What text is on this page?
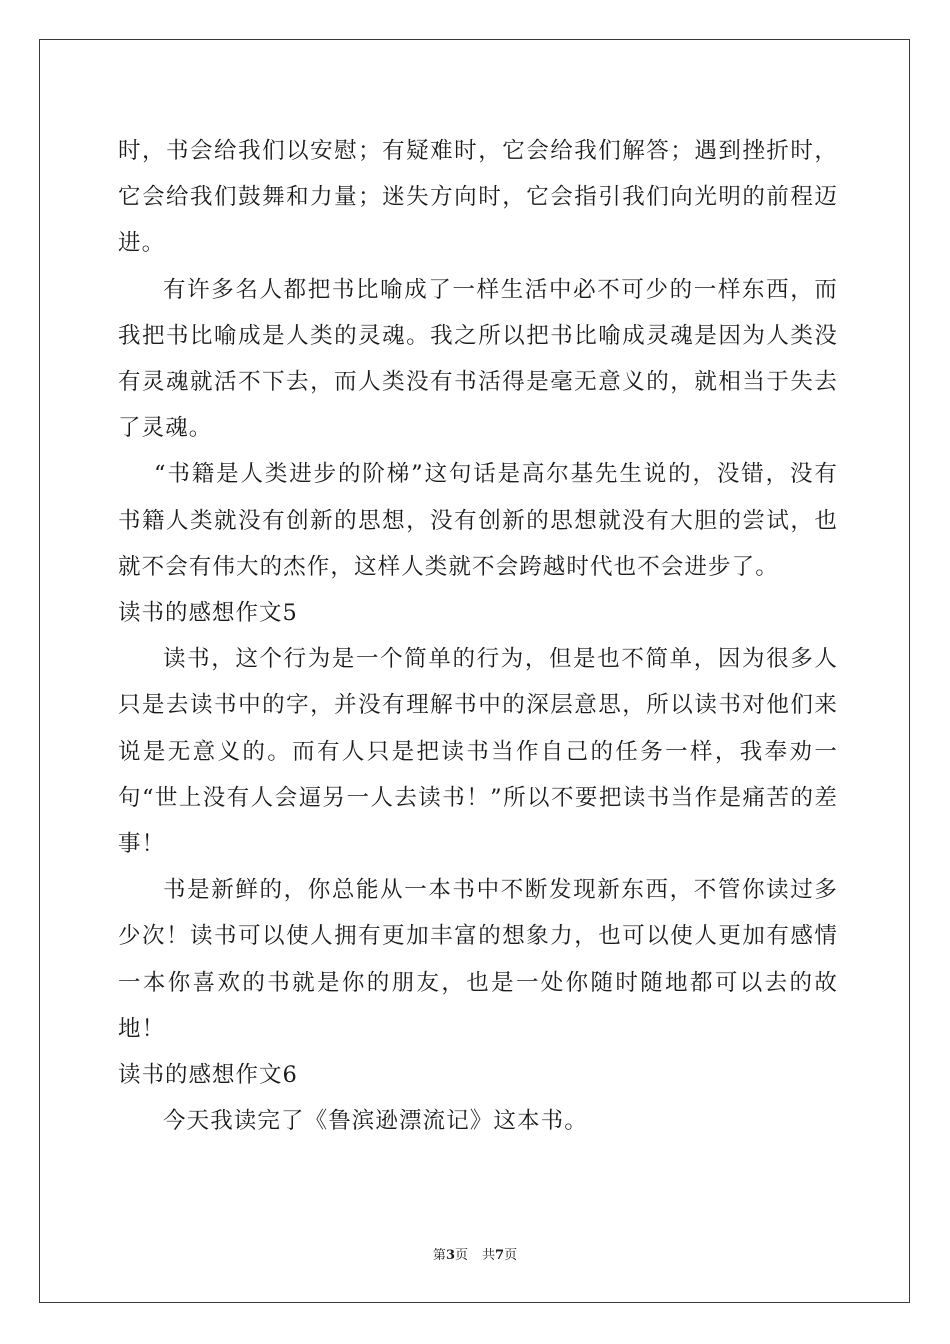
时，书会给我们以安慰；有疑难时，它会给我们解答；遇到挫折时，它会给我们鼓舞和力量；迷失方向时，它会指引我们向光明的前程迈进。

有许多名人都把书比喻成了一样生活中必不可少的一样东西，而我把书比喻成是人类的灵魂。我之所以把书比喻成灵魂是因为人类没有灵魂就活不下去，而人类没有书活得是毫无意义的，就相当于失去了灵魂。

“书籍是人类进步的阶梯”这句话是高尔基先生说的，没错，没有书籍人类就没有创新的思想，没有创新的思想就没有大胆的尝试，也就不会有伟大的杰作，这样人类就不会跨越时代也不会进步了。

读书的感想作文5

读书，这个行为是一个简单的行为，但是也不简单，因为很多人只是去读书中的字，并没有理解书中的深层意思，所以读书对他们来说是无意义的。而有人只是把读书当作自己的任务一样，我奉劝一句“世上没有人会逼另一人去读书！”所以不要把读书当作是痛苦的差事！

书是新鲜的，你总能从一本书中不断发现新东西，不管你读过多少次！读书可以使人拥有更加丰富的想象力，也可以使人更加有感情一本你喜欢的书就是你的朋友，也是一处你随时随地都可以去的故地！

读书的感想作文6

今天我读完了《鲁滨逊漂流记》这本书。

第3页 共7页
